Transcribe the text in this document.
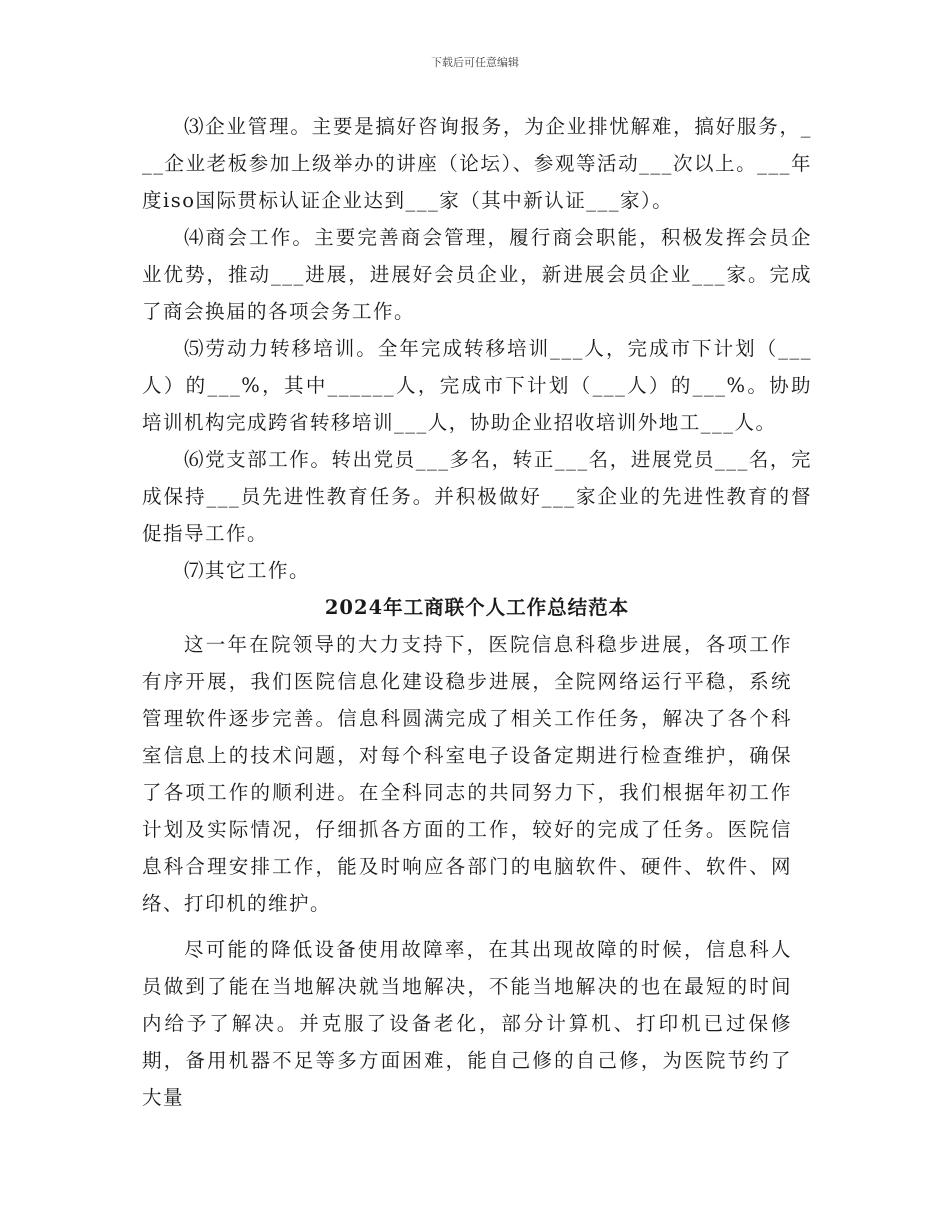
下载后可任意编辑

⑶企业管理。主要是搞好咨询报务，为企业排忧解难，搞好服务，___企业老板参加上级举办的讲座（论坛）、参观等活动___次以上。___年度iso国际贯标认证企业达到___家（其中新认证___家）。

⑷商会工作。主要完善商会管理，履行商会职能，积极发挥会员企业优势，推动___进展，进展好会员企业，新进展会员企业___家。完成了商会换届的各项会务工作。

⑸劳动力转移培训。全年完成转移培训___人，完成市下计划（___人）的___%，其中______人，完成市下计划（___人）的___%。协助培训机构完成跨省转移培训___人，协助企业招收培训外地工___人。

⑹党支部工作。转出党员___多名，转正___名，进展党员___名，完成保持___员先进性教育任务。并积极做好___家企业的先进性教育的督促指导工作。

⑺其它工作。

2024年工商联个人工作总结范本

这一年在院领导的大力支持下，医院信息科稳步进展，各项工作有序开展，我们医院信息化建设稳步进展，全院网络运行平稳，系统管理软件逐步完善。信息科圆满完成了相关工作任务，解决了各个科室信息上的技术问题，对每个科室电子设备定期进行检查维护，确保了各项工作的顺利进。在全科同志的共同努力下，我们根据年初工作计划及实际情况，仔细抓各方面的工作，较好的完成了任务。医院信息科合理安排工作，能及时响应各部门的电脑软件、硬件、软件、网络、打印机的维护。

尽可能的降低设备使用故障率，在其出现故障的时候，信息科人员做到了能在当地解决就当地解决，不能当地解决的也在最短的时间内给予了解决。并克服了设备老化，部分计算机、打印机已过保修期，备用机器不足等多方面困难，能自己修的自己修，为医院节约了大量
